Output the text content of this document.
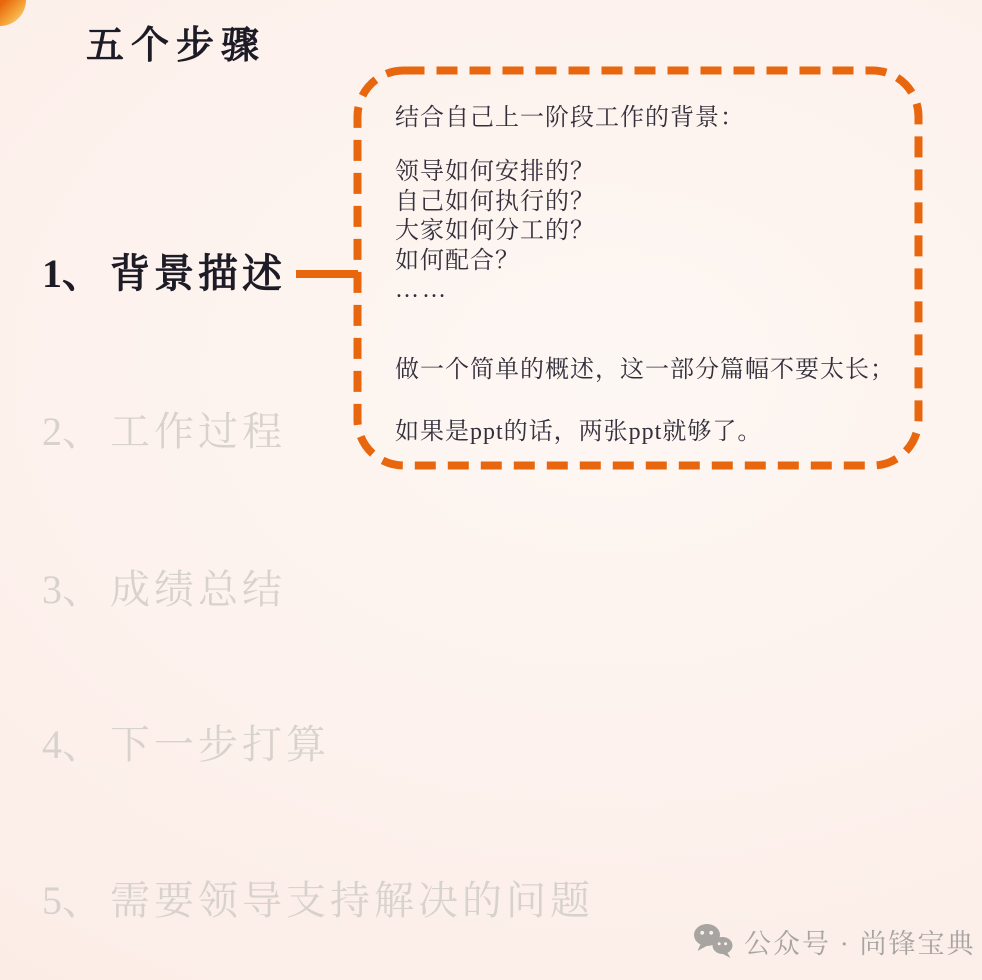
五个步骤
1、 背景描述
2、 工作过程
3、 成绩总结
4、 下一步打算
5、 需要领导支持解决的问题

结合自己上一阶段工作的背景：

领导如何安排的？
自己如何执行的？
大家如何分工的？
如何配合？
……

做一个简单的概述，这一部分篇幅不要太长；

如果是ppt的话，两张ppt就够了。

公众号 · 尚锋宝典
